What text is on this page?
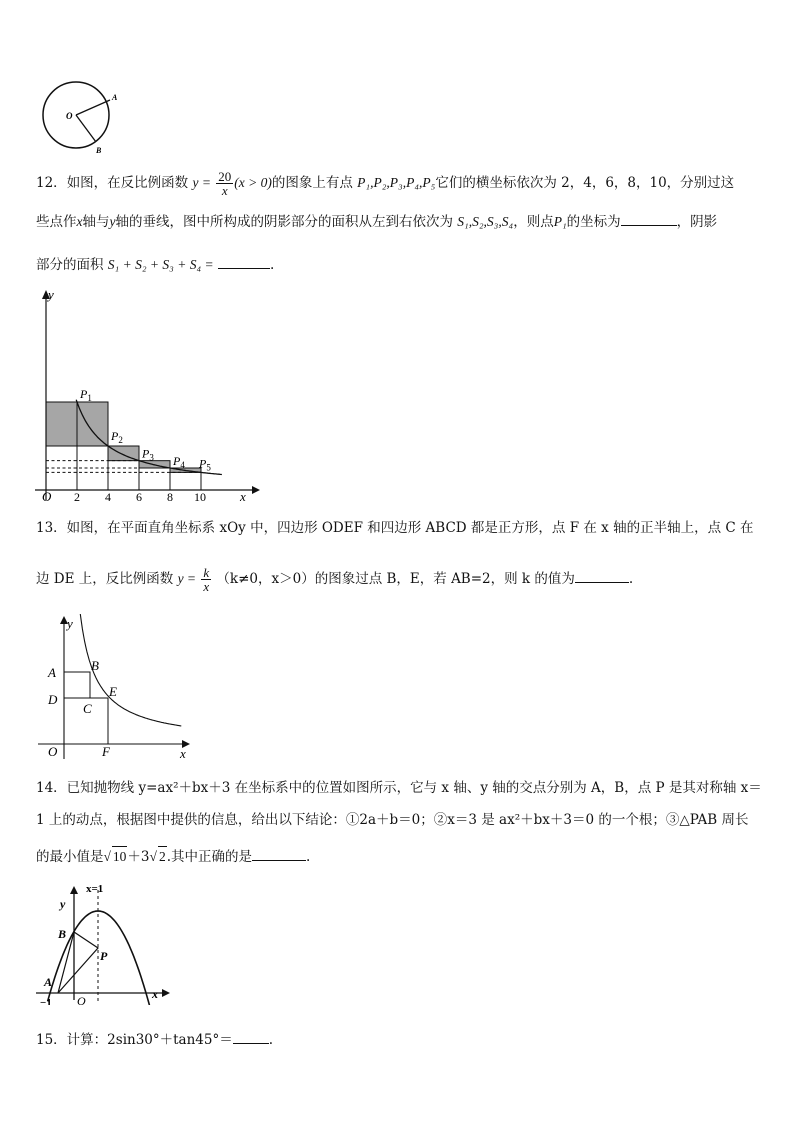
O
A
B
12．如图，在反比例函数 $y = \frac{20}{x} (x > 0)$的图象上有点 P₁,P₂,P₃,P₄,P₅它们的横坐标依次为 2，4，6，8，10，分别过这
些点作x轴与y轴的垂线，图中所构成的阴影部分的面积从左到右依次为 S₁,S₂,S₃,S₄，则点P₁的坐标为	，阴影
部分的面积 S₁ + S₂ + S₃ + S₄ =	.
y
x
O 2 4 6 8 10
$P_1$
$P_2$
$P_3$ $P_4$ $P_5$
13．如图，在平面直角坐标系 xOy 中，四边形 ODEF 和四边形 ABCD 都是正方形，点 F 在 x 轴的正半轴上，点 C 在
边 DE 上，反比例函数 $y = \frac{k}{x} (k\ne 0$，x＞0）的图象过点 B，E，若 AB=2，则 k 的值为	.
y
x
O
A	B
C
D
E
F
14．已知抛物线 y=ax²＋bx＋3 在坐标系中的位置如图所示，它与 x 轴、y 轴的交点分别为 A，B，点 P 是其对称轴 x＝
1 上的动点，根据图中提供的信息，给出以下结论：①2a＋b＝0；②x＝3 是 ax²＋bx＋3＝0 的一个根；③△PAB 周长
的最小值是√ 10＋3√ 2.其中正确的是	.
x=1
y
x
O
−1
A
B
P
15．计算：2sin30°＋tan45°＝	.
